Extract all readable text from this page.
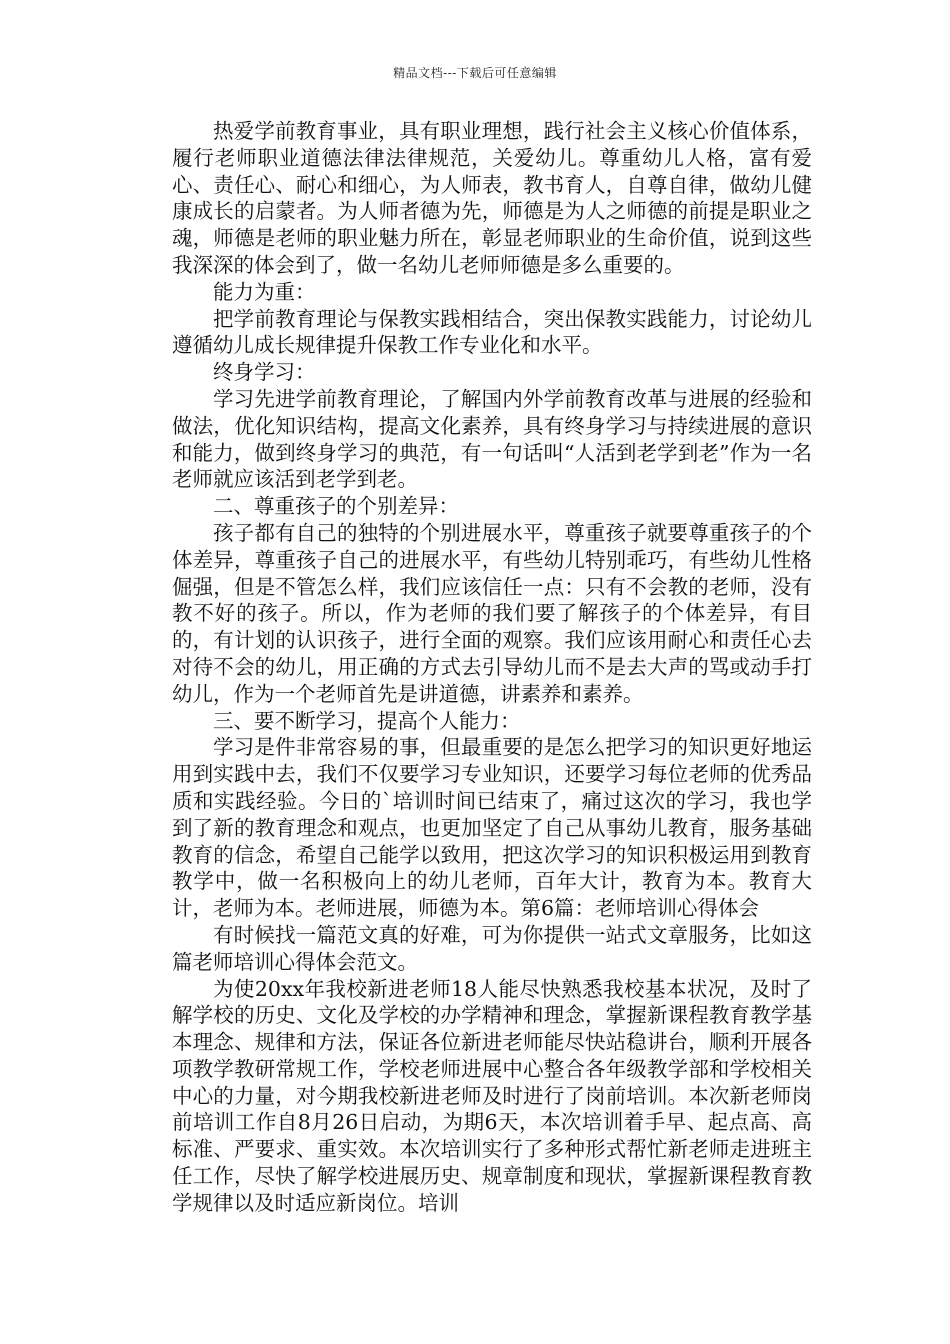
精品文档---下载后可任意编辑

热爱学前教育事业，具有职业理想，践行社会主义核心价值体系，履行老师职业道德法律法律规范，关爱幼儿。尊重幼儿人格，富有爱心、责任心、耐心和细心，为人师表，教书育人，自尊自律，做幼儿健康成长的启蒙者。为人师者德为先，师德是为人之师德的前提是职业之魂，师德是老师的职业魅力所在，彰显老师职业的生命价值，说到这些我深深的体会到了，做一名幼儿老师师德是多么重要的。

能力为重：

把学前教育理论与保教实践相结合，突出保教实践能力，讨论幼儿遵循幼儿成长规律提升保教工作专业化和水平。

终身学习：

学习先进学前教育理论，了解国内外学前教育改革与进展的经验和做法，优化知识结构，提高文化素养，具有终身学习与持续进展的意识和能力，做到终身学习的典范，有一句话叫“人活到老学到老”作为一名老师就应该活到老学到老。

二、尊重孩子的个别差异：

孩子都有自己的独特的个别进展水平，尊重孩子就要尊重孩子的个体差异，尊重孩子自己的进展水平，有些幼儿特别乖巧，有些幼儿性格倔强，但是不管怎么样，我们应该信任一点：只有不会教的老师，没有教不好的孩子。所以，作为老师的我们要了解孩子的个体差异，有目的，有计划的认识孩子，进行全面的观察。我们应该用耐心和责任心去对待不会的幼儿，用正确的方式去引导幼儿而不是去大声的骂或动手打幼儿，作为一个老师首先是讲道德，讲素养和素养。

三、要不断学习，提高个人能力：

学习是件非常容易的事，但最重要的是怎么把学习的知识更好地运用到实践中去，我们不仅要学习专业知识，还要学习每位老师的优秀品质和实践经验。今日的`培训时间已结束了，痛过这次的学习，我也学到了新的教育理念和观点，也更加坚定了自己从事幼儿教育，服务基础教育的信念，希望自己能学以致用，把这次学习的知识积极运用到教育教学中，做一名积极向上的幼儿老师，百年大计，教育为本。教育大计，老师为本。老师进展，师德为本。第6篇：老师培训心得体会

有时候找一篇范文真的好难，可为你提供一站式文章服务，比如这篇老师培训心得体会范文。

为使20xx年我校新进老师18人能尽快熟悉我校基本状况，及时了解学校的历史、文化及学校的办学精神和理念，掌握新课程教育教学基本理念、规律和方法，保证各位新进老师能尽快站稳讲台，顺利开展各项教学教研常规工作，学校老师进展中心整合各年级教学部和学校相关中心的力量，对今期我校新进老师及时进行了岗前培训。本次新老师岗前培训工作自8月26日启动，为期6天，本次培训着手早、起点高、高标准、严要求、重实效。本次培训实行了多种形式帮忙新老师走进班主任工作，尽快了解学校进展历史、规章制度和现状，掌握新课程教育教学规律以及时适应新岗位。培训
